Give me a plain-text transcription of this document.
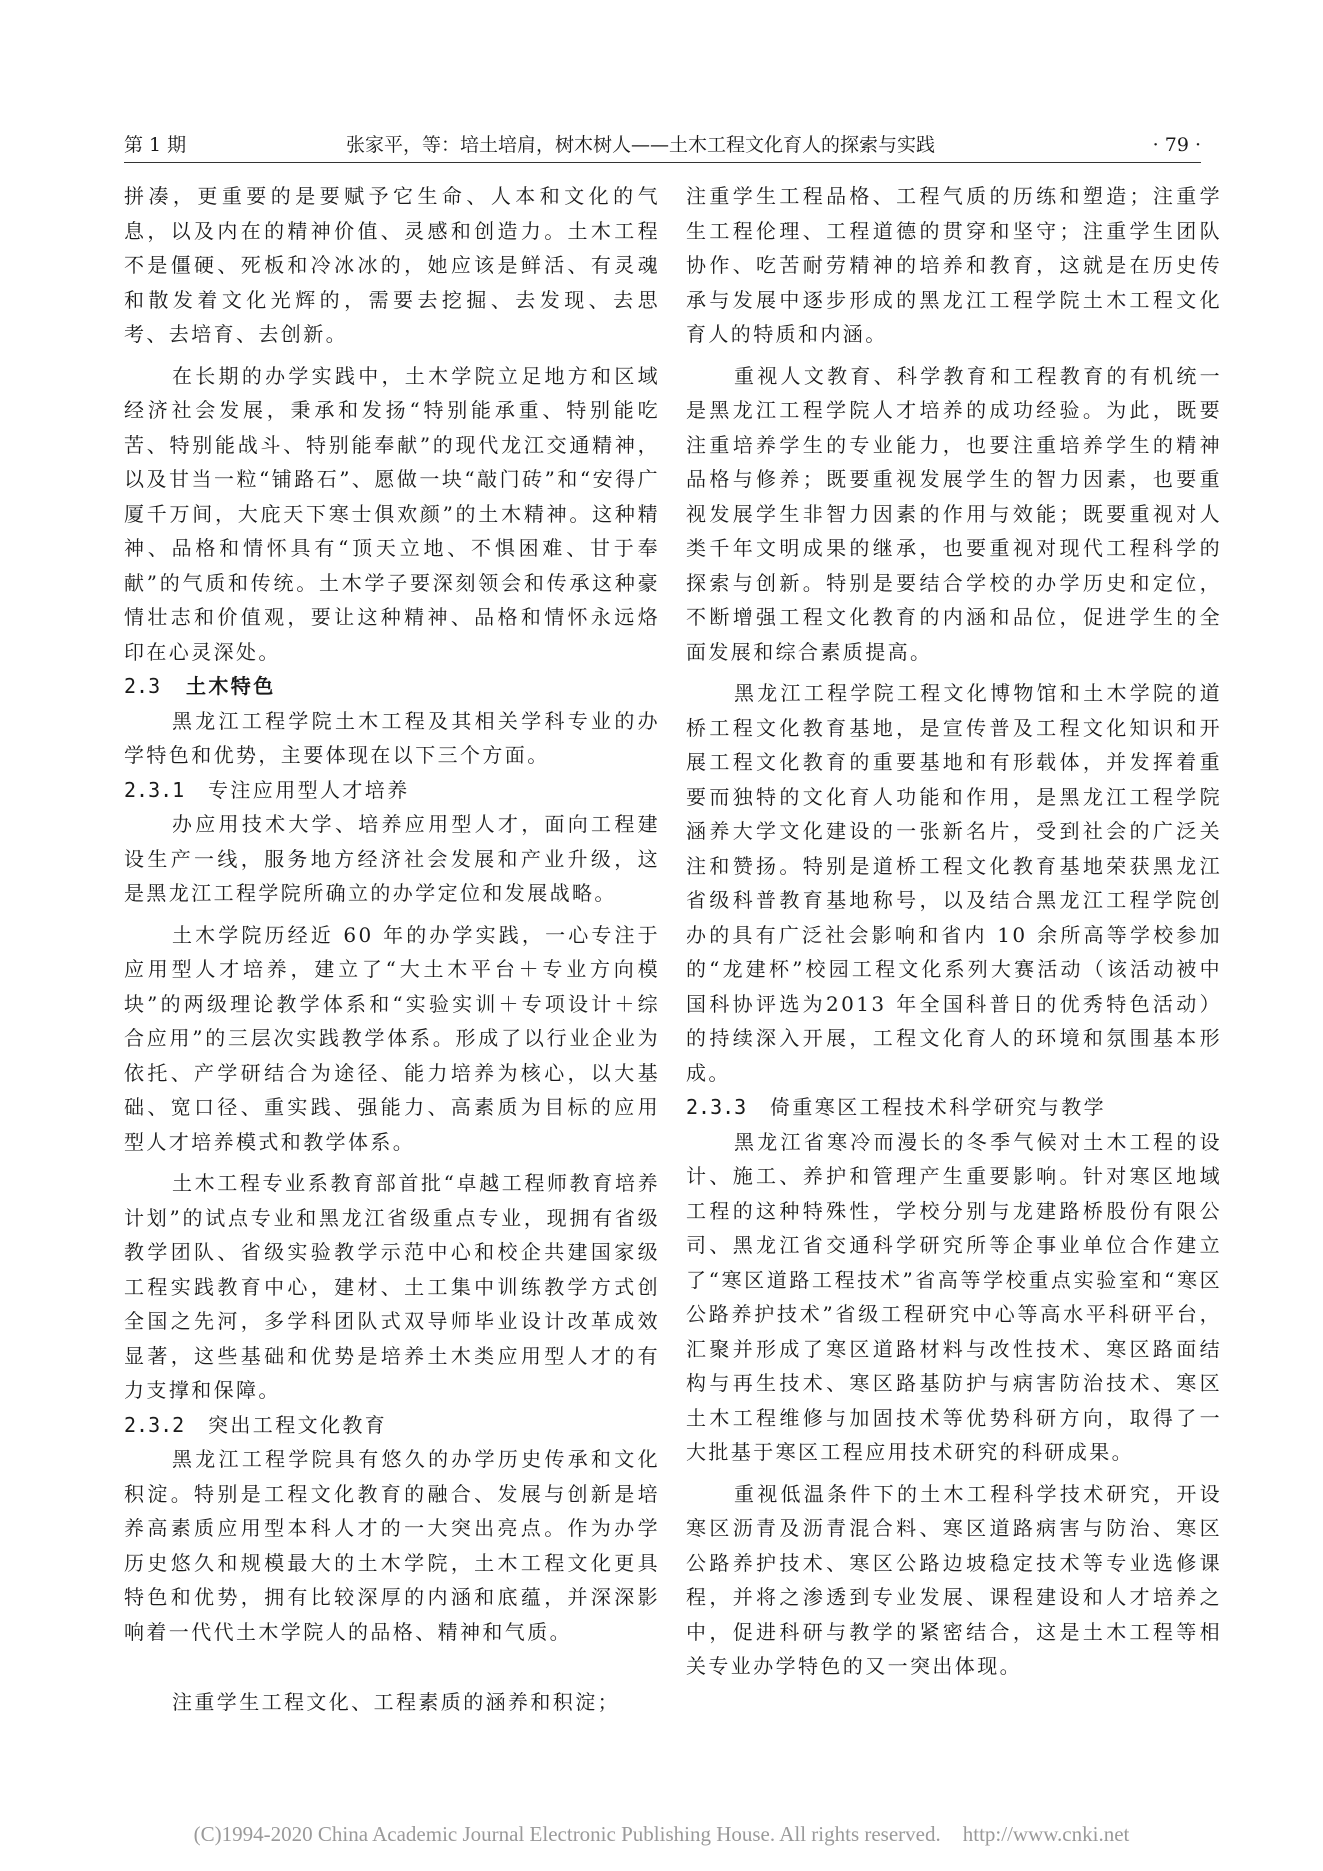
第 1 期	张家平，等：培土培肩，树木树人——土木工程文化育人的探索与实践	· 79 ·

拼凑，更重要的是要赋予它生命、人本和文化的气息，以及内在的精神价值、灵感和创造力。土木工程不是僵硬、死板和冷冰冰的，她应该是鲜活、有灵魂和散发着文化光辉的，需要去挖掘、去发现、去思考、去培育、去创新。

在长期的办学实践中，土木学院立足地方和区域经济社会发展，秉承和发扬“特别能承重、特别能吃苦、特别能战斗、特别能奉献”的现代龙江交通精神，以及甘当一粒“铺路石”、愿做一块“敲门砖”和“安得广厦千万间，大庇天下寒士俱欢颜”的土木精神。这种精神、品格和情怀具有“顶天立地、不惧困难、甘于奉献”的气质和传统。土木学子要深刻领会和传承这种豪情壮志和价值观，要让这种精神、品格和情怀永远烙印在心灵深处。

2.3 土木特色

黑龙江工程学院土木工程及其相关学科专业的办学特色和优势，主要体现在以下三个方面。

2.3.1 专注应用型人才培养

办应用技术大学、培养应用型人才，面向工程建设生产一线，服务地方经济社会发展和产业升级，这是黑龙江工程学院所确立的办学定位和发展战略。

土木学院历经近 60 年的办学实践，一心专注于应用型人才培养，建立了“大土木平台＋专业方向模块”的两级理论教学体系和“实验实训＋专项设计＋综合应用”的三层次实践教学体系。形成了以行业企业为依托、产学研结合为途径、能力培养为核心，以大基础、宽口径、重实践、强能力、高素质为目标的应用型人才培养模式和教学体系。

土木工程专业系教育部首批“卓越工程师教育培养计划”的试点专业和黑龙江省级重点专业，现拥有省级教学团队、省级实验教学示范中心和校企共建国家级工程实践教育中心，建材、土工集中训练教学方式创全国之先河，多学科团队式双导师毕业设计改革成效显著，这些基础和优势是培养土木类应用型人才的有力支撑和保障。

2.3.2 突出工程文化教育

黑龙江工程学院具有悠久的办学历史传承和文化积淀。特别是工程文化教育的融合、发展与创新是培养高素质应用型本科人才的一大突出亮点。作为办学历史悠久和规模最大的土木学院，土木工程文化更具特色和优势，拥有比较深厚的内涵和底蕴，并深深影响着一代代土木学院人的品格、精神和气质。

注重学生工程文化、工程素质的涵养和积淀；

注重学生工程品格、工程气质的历练和塑造；注重学生工程伦理、工程道德的贯穿和坚守；注重学生团队协作、吃苦耐劳精神的培养和教育，这就是在历史传承与发展中逐步形成的黑龙江工程学院土木工程文化育人的特质和内涵。

重视人文教育、科学教育和工程教育的有机统一是黑龙江工程学院人才培养的成功经验。为此，既要注重培养学生的专业能力，也要注重培养学生的精神品格与修养；既要重视发展学生的智力因素，也要重视发展学生非智力因素的作用与效能；既要重视对人类千年文明成果的继承，也要重视对现代工程科学的探索与创新。特别是要结合学校的办学历史和定位，不断增强工程文化教育的内涵和品位，促进学生的全面发展和综合素质提高。

黑龙江工程学院工程文化博物馆和土木学院的道桥工程文化教育基地，是宣传普及工程文化知识和开展工程文化教育的重要基地和有形载体，并发挥着重要而独特的文化育人功能和作用，是黑龙江工程学院涵养大学文化建设的一张新名片，受到社会的广泛关注和赞扬。特别是道桥工程文化教育基地荣获黑龙江省级科普教育基地称号，以及结合黑龙江工程学院创办的具有广泛社会影响和省内 10 余所高等学校参加的“龙建杯”校园工程文化系列大赛活动（该活动被中国科协评选为2013 年全国科普日的优秀特色活动）的持续深入开展，工程文化育人的环境和氛围基本形成。

2.3.3 倚重寒区工程技术科学研究与教学

黑龙江省寒冷而漫长的冬季气候对土木工程的设计、施工、养护和管理产生重要影响。针对寒区地域工程的这种特殊性，学校分别与龙建路桥股份有限公司、黑龙江省交通科学研究所等企事业单位合作建立了“寒区道路工程技术”省高等学校重点实验室和“寒区公路养护技术”省级工程研究中心等高水平科研平台，汇聚并形成了寒区道路材料与改性技术、寒区路面结构与再生技术、寒区路基防护与病害防治技术、寒区土木工程维修与加固技术等优势科研方向，取得了一大批基于寒区工程应用技术研究的科研成果。

重视低温条件下的土木工程科学技术研究，开设寒区沥青及沥青混合料、寒区道路病害与防治、寒区公路养护技术、寒区公路边坡稳定技术等专业选修课程，并将之渗透到专业发展、课程建设和人才培养之中，促进科研与教学的紧密结合，这是土木工程等相关专业办学特色的又一突出体现。

(C)1994-2020 China Academic Journal Electronic Publishing House. All rights reserved. http://www.cnki.net
